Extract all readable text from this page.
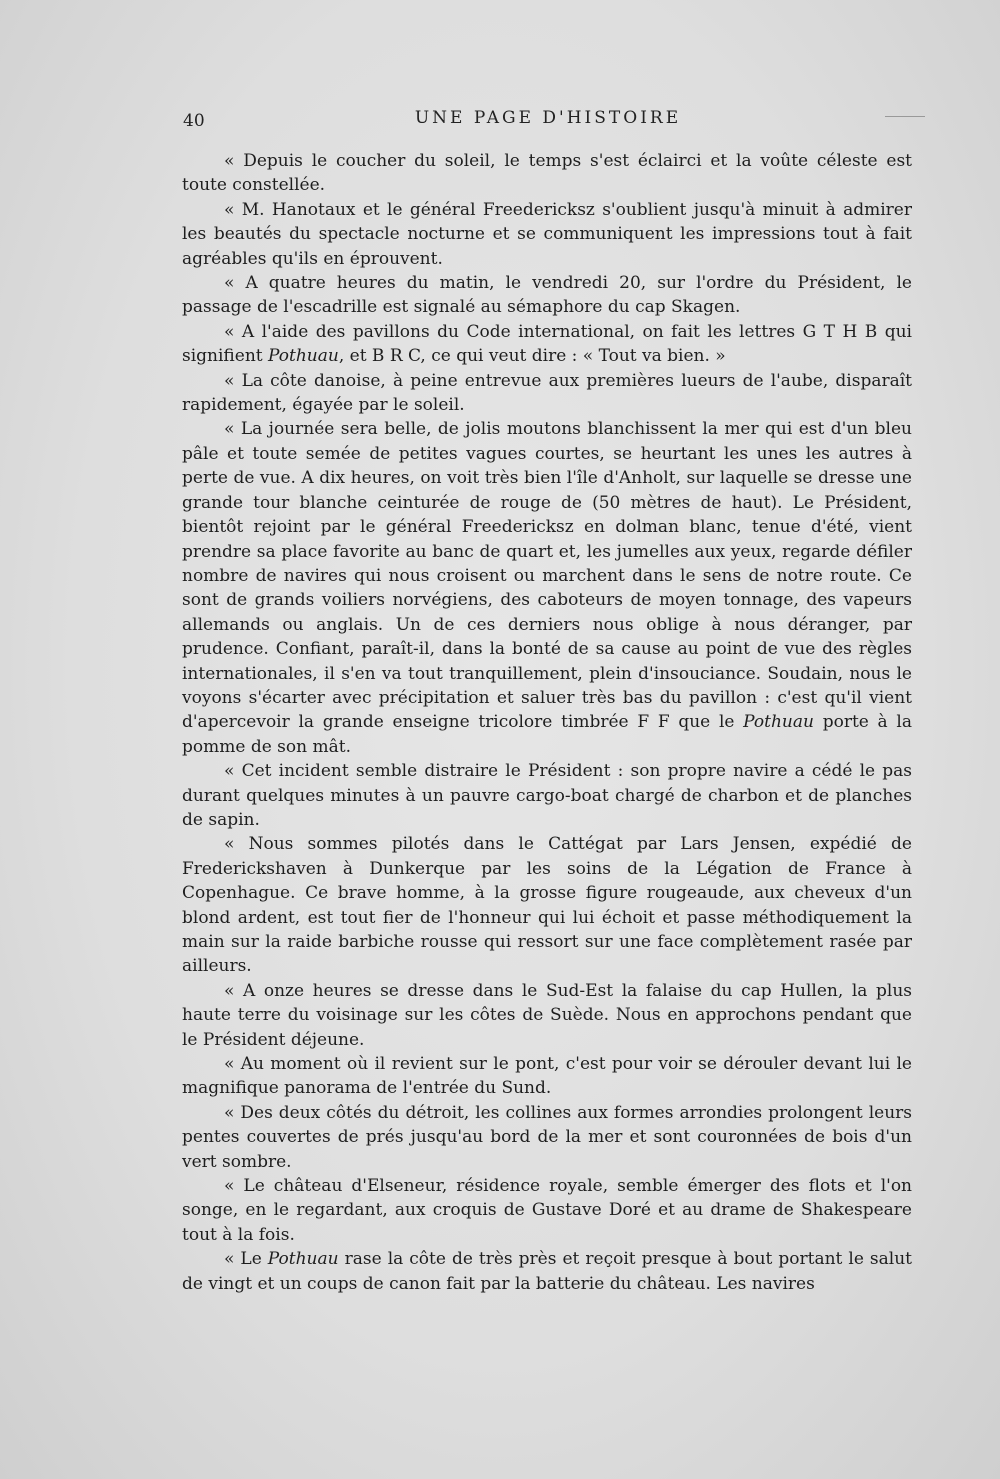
40	UNE PAGE D'HISTOIRE

« Depuis le coucher du soleil, le temps s'est éclairci et la voûte céleste est toute constellée.

« M. Hanotaux et le général Freedericksz s'oublient jusqu'à minuit à admirer les beautés du spectacle nocturne et se communiquent les impressions tout à fait agréables qu'ils en éprouvent.

« A quatre heures du matin, le vendredi 20, sur l'ordre du Président, le passage de l'escadrille est signalé au sémaphore du cap Skagen.

« A l'aide des pavillons du Code international, on fait les lettres G T H B qui signifient Pothuau, et B R C, ce qui veut dire : « Tout va bien. »

« La côte danoise, à peine entrevue aux premières lueurs de l'aube, disparaît rapidement, égayée par le soleil.

« La journée sera belle, de jolis moutons blanchissent la mer qui est d'un bleu pâle et toute semée de petites vagues courtes, se heurtant les unes les autres à perte de vue. A dix heures, on voit très bien l'île d'Anholt, sur laquelle se dresse une grande tour blanche ceinturée de rouge de (50 mètres de haut). Le Président, bientôt rejoint par le général Freedericksz en dolman blanc, tenue d'été, vient prendre sa place favorite au banc de quart et, les jumelles aux yeux, regarde défiler nombre de navires qui nous croisent ou marchent dans le sens de notre route. Ce sont de grands voiliers norvégiens, des caboteurs de moyen tonnage, des vapeurs allemands ou anglais. Un de ces derniers nous oblige à nous déranger, par prudence. Confiant, paraît-il, dans la bonté de sa cause au point de vue des règles internationales, il s'en va tout tranquillement, plein d'insouciance. Soudain, nous le voyons s'écarter avec précipitation et saluer très bas du pavillon : c'est qu'il vient d'apercevoir la grande enseigne tricolore timbrée F F que le Pothuau porte à la pomme de son mât.

« Cet incident semble distraire le Président : son propre navire a cédé le pas durant quelques minutes à un pauvre cargo-boat chargé de charbon et de planches de sapin.

« Nous sommes pilotés dans le Cattégat par Lars Jensen, expédié de Frederickshaven à Dunkerque par les soins de la Légation de France à Copenhague. Ce brave homme, à la grosse figure rougeaude, aux cheveux d'un blond ardent, est tout fier de l'honneur qui lui échoit et passe méthodiquement la main sur la raide barbiche rousse qui ressort sur une face complètement rasée par ailleurs.

« A onze heures se dresse dans le Sud-Est la falaise du cap Hullen, la plus haute terre du voisinage sur les côtes de Suède. Nous en approchons pendant que le Président déjeune.

« Au moment où il revient sur le pont, c'est pour voir se dérouler devant lui le magnifique panorama de l'entrée du Sund.

« Des deux côtés du détroit, les collines aux formes arrondies prolongent leurs pentes couvertes de prés jusqu'au bord de la mer et sont couronnées de bois d'un vert sombre.

« Le château d'Elseneur, résidence royale, semble émerger des flots et l'on songe, en le regardant, aux croquis de Gustave Doré et au drame de Shakespeare tout à la fois.

« Le Pothuau rase la côte de très près et reçoit presque à bout portant le salut de vingt et un coups de canon fait par la batterie du château. Les navires
